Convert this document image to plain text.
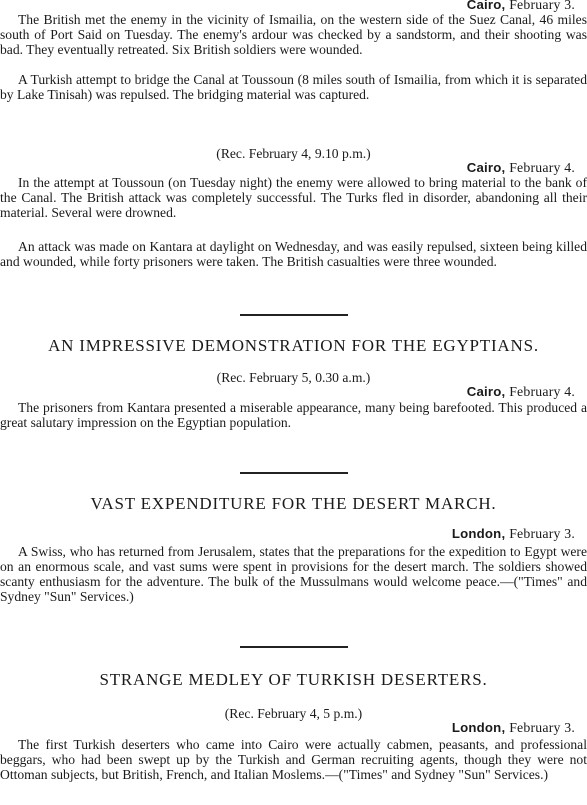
Cairo, February 3.

The British met the enemy in the vicinity of Ismailia, on the western side of the Suez Canal, 46 miles south of Port Said on Tuesday. The enemy's ardour was checked by a sandstorm, and their shooting was bad. They eventually retreated. Six British soldiers were wounded.

A Turkish attempt to bridge the Canal at Toussoun (8 miles south of Ismailia, from which it is separated by Lake Tinisah) was repulsed. The bridging material was captured.

(Rec. February 4, 9.10 p.m.)
Cairo, February 4.

In the attempt at Toussoun (on Tuesday night) the enemy were allowed to bring material to the bank of the Canal. The British attack was completely successful. The Turks fled in disorder, abandoning all their material. Several were drowned.

An attack was made on Kantara at daylight on Wednesday, and was easily repulsed, sixteen being killed and wounded, while forty prisoners were taken. The British casualties were three wounded.

AN IMPRESSIVE DEMONSTRATION FOR THE EGYPTIANS.
(Rec. February 5, 0.30 a.m.)
Cairo, February 4.

The prisoners from Kantara presented a miserable appearance, many being barefooted. This produced a great salutary impression on the Egyptian population.

VAST EXPENDITURE FOR THE DESERT MARCH.
London, February 3.

A Swiss, who has returned from Jerusalem, states that the preparations for the expedition to Egypt were on an enormous scale, and vast sums were spent in provisions for the desert march. The soldiers showed scanty enthusiasm for the adventure. The bulk of the Mussulmans would welcome peace.—("Times" and Sydney "Sun" Services.)

STRANGE MEDLEY OF TURKISH DESERTERS.
(Rec. February 4, 5 p.m.)
London, February 3.

The first Turkish deserters who came into Cairo were actually cabmen, peasants, and professional beggars, who had been swept up by the Turkish and German recruiting agents, though they were not Ottoman subjects, but British, French, and Italian Moslems.—("Times" and Sydney "Sun" Services.)
